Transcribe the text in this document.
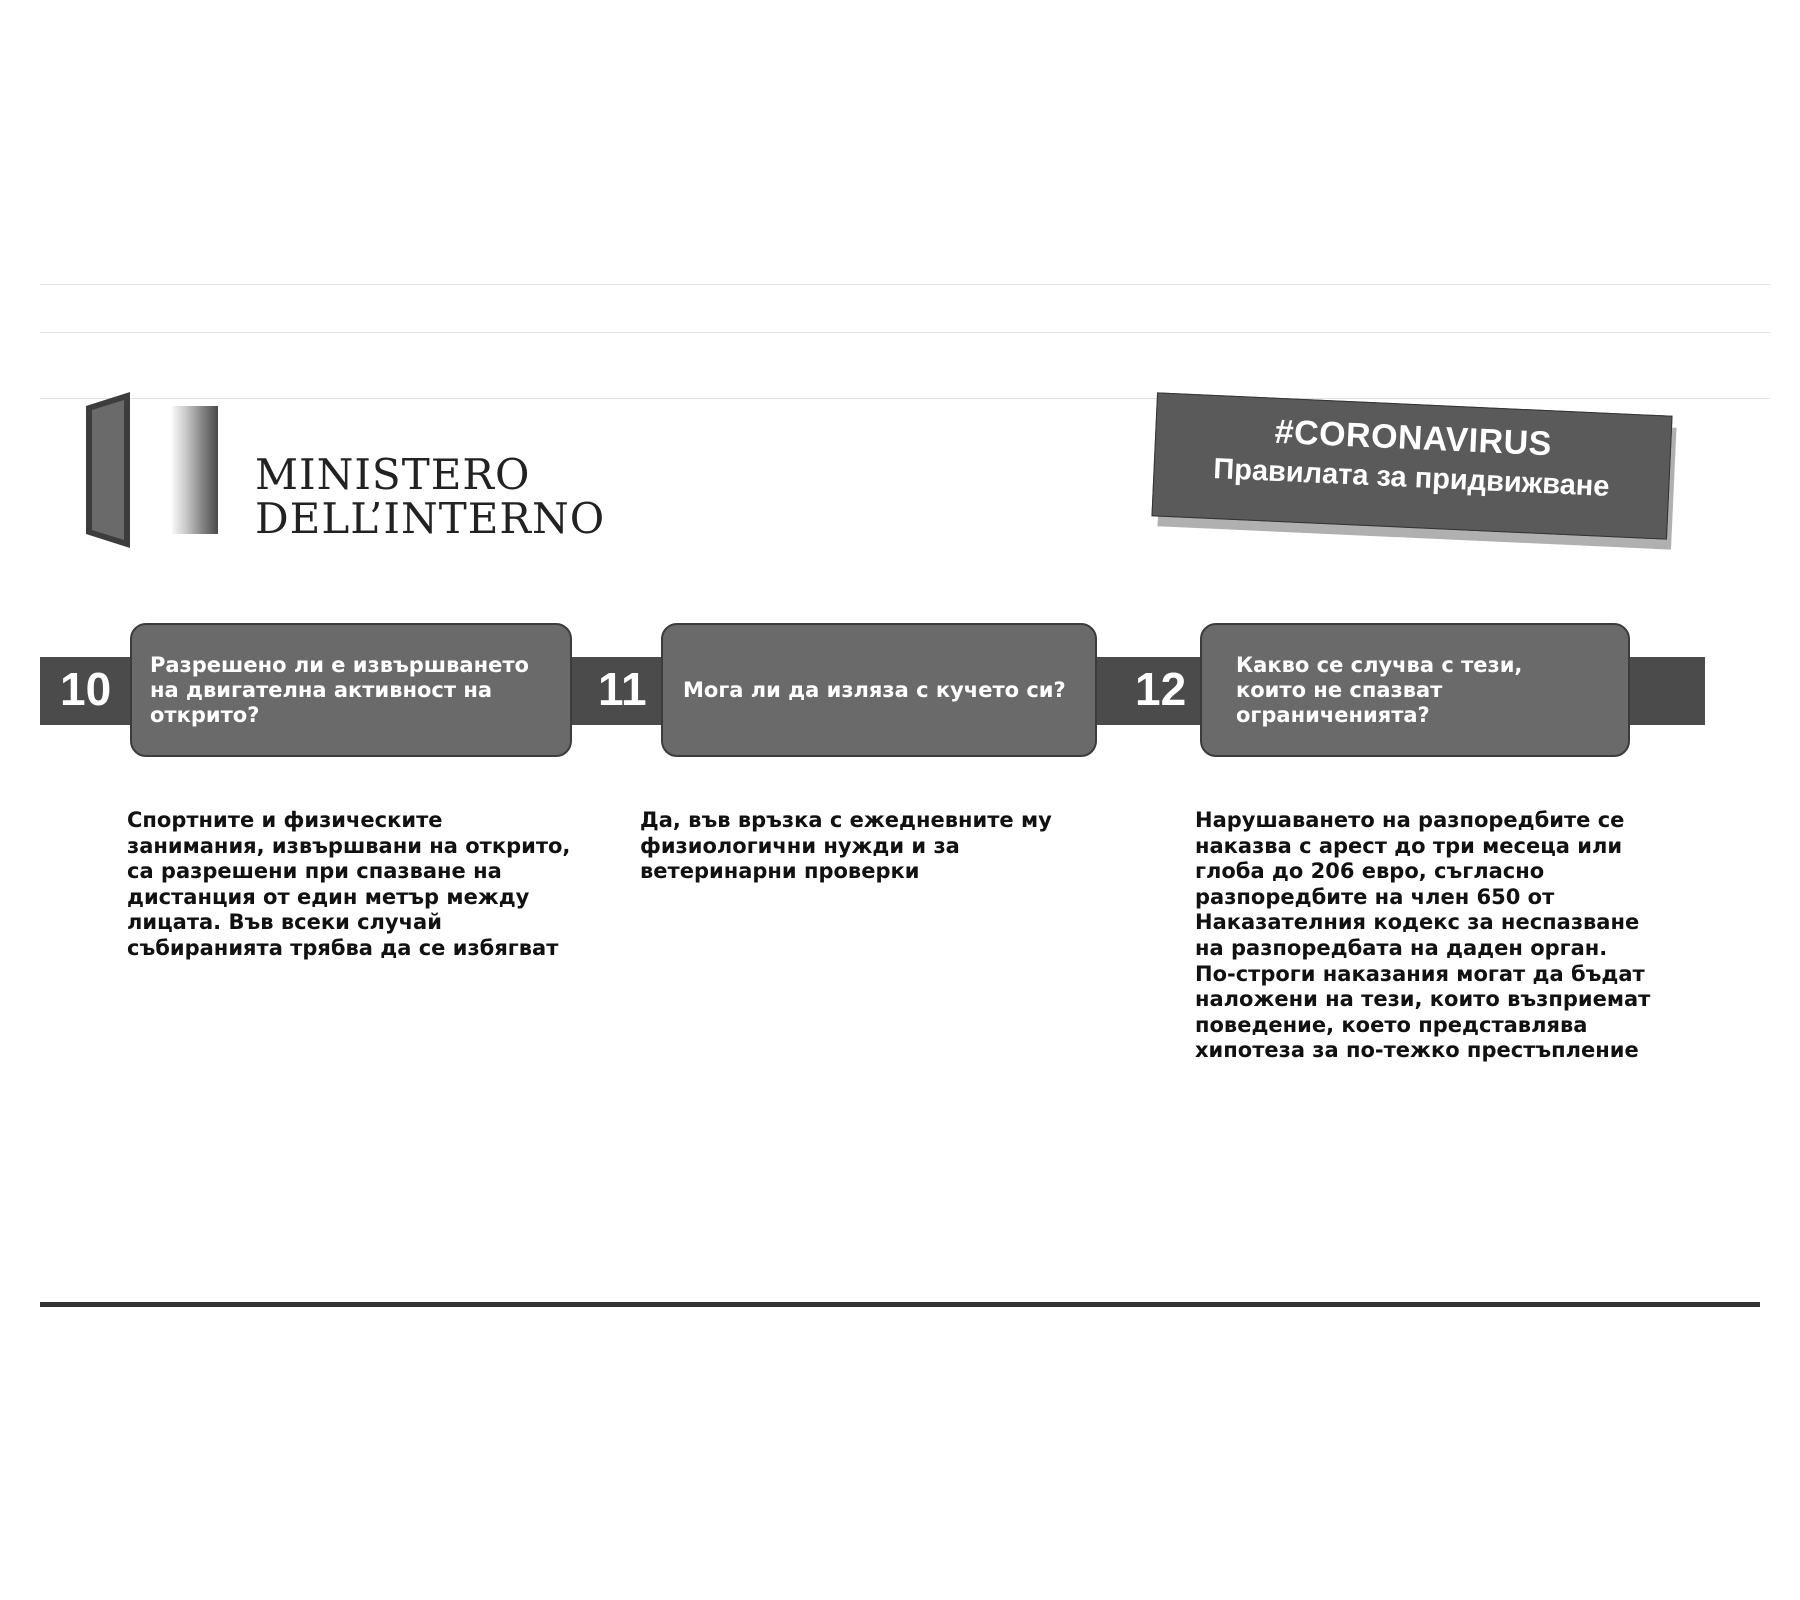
MINISTERO
DELL’INTERNO
#CORONAVIRUS
Правилата за придвижване
10 Разрешено ли е извършването на двигателна активност на открито?	11 Мога ли да изляза с кучето си? 12 Какво се случва с тези, които не спазват ограниченията?
Спортните и физическите занимания, извършвани на открито, са разрешени при спазване на дистанция от един метър между лицата. Във всеки случай събиранията трябва да се избягват
Да, във връзка с ежедневните му физиологични нужди и за ветеринарни проверки
Нарушаването на разпоредбите се наказва с арест до три месеца или глоба до 206 евро, съгласно разпоредбите на член 650 от Наказателния кодекс за неспазване на разпоредбата на даден орган. По-строги наказания могат да бъдат наложени на тези, които възприемат поведение, което представлява хипотеза за по-тежко престъпление
